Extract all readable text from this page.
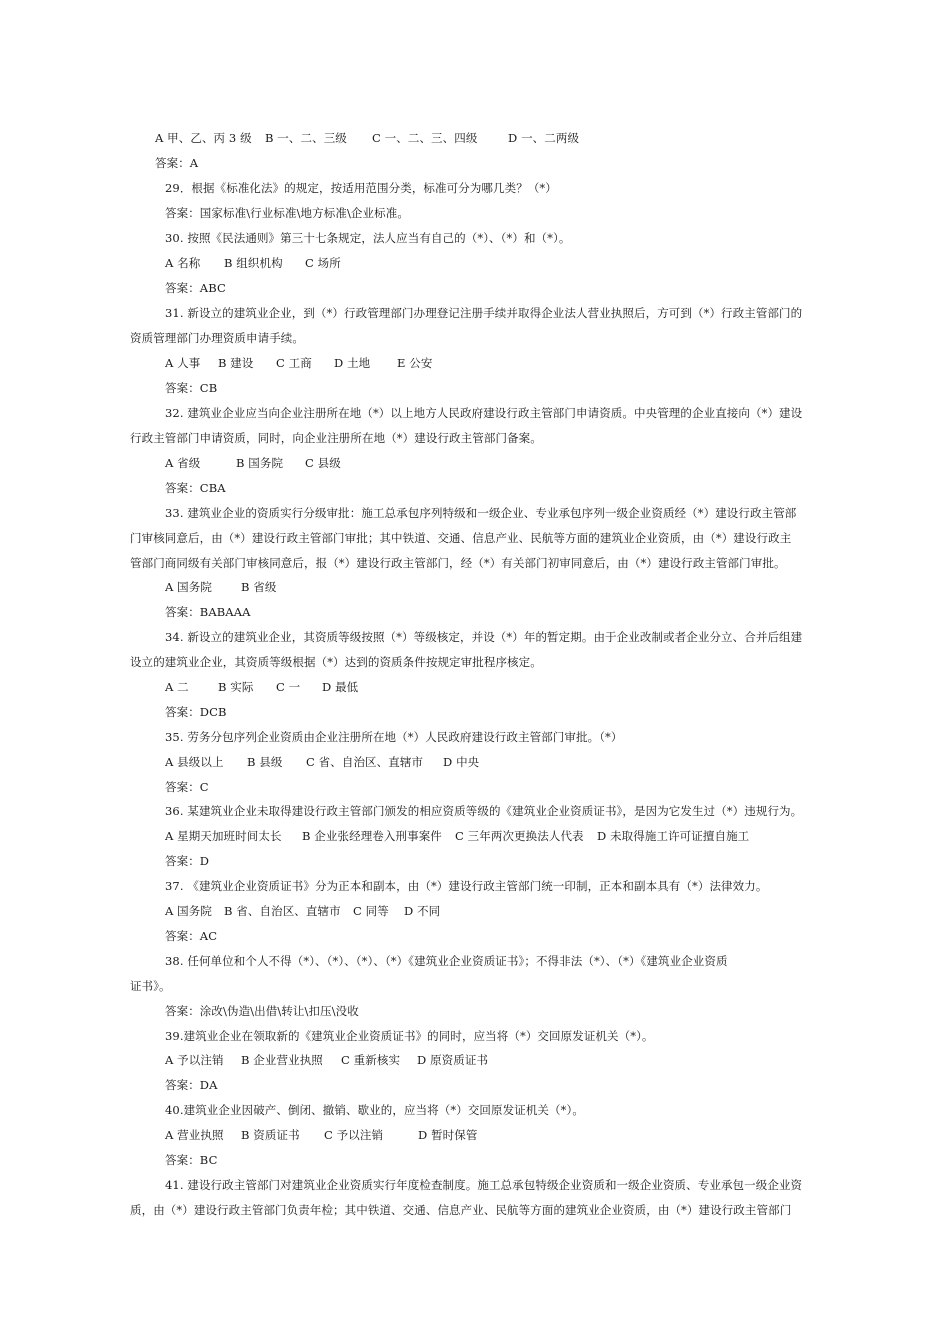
A 甲、乙、丙 3 级 B 一、二、三级 C 一、二、三、四级	D 一、二两级
答案：A
29．根据《标准化法》的规定，按适用范围分类，标准可分为哪几类？（*）
答案：国家标准\行业标准\地方标准\企业标准。
30. 按照《民法通则》第三十七条规定，法人应当有自己的（*）、（*）和（*）。
A 名称 B 组织机构 C 场所
答案：ABC
31. 新设立的建筑业企业，到（*）行政管理部门办理登记注册手续并取得企业法人营业执照后，方可到（*）行政主管部门的
资质管理部门办理资质申请手续。
A 人事 B 建设 C 工商 D 土地 E 公安
答案：CB
32. 建筑业企业应当向企业注册所在地（*）以上地方人民政府建设行政主管部门申请资质。中央管理的企业直接向（*）建设
行政主管部门申请资质，同时，向企业注册所在地（*）建设行政主管部门备案。
A 省级	B 国务院 C 县级
答案：CBA
33. 建筑业企业的资质实行分级审批：施工总承包序列特级和一级企业、专业承包序列一级企业资质经（*）建设行政主管部
门审核同意后，由（*）建设行政主管部门审批；其中铁道、交通、信息产业、民航等方面的建筑业企业资质，由（*）建设行政主
管部门商同级有关部门审核同意后，报（*）建设行政主管部门，经（*）有关部门初审同意后，由（*）建设行政主管部门审批。
A 国务院	B 省级
答案：BABAAA
34. 新设立的建筑业企业，其资质等级按照（*）等级核定，并设（*）年的暂定期。由于企业改制或者企业分立、合并后组建
设立的建筑业企业，其资质等级根据（*）达到的资质条件按规定审批程序核定。
A 二	B 实际 C 一 D 最低
答案：DCB
35. 劳务分包序列企业资质由企业注册所在地（*）人民政府建设行政主管部门审批。（*）
A 县级以上 B 县级 C 省、自治区、直辖市 D 中央
答案：C
36. 某建筑业企业未取得建设行政主管部门颁发的相应资质等级的《建筑业企业资质证书》，是因为它发生过（*）违规行为。
A 星期天加班时间太长 B 企业张经理卷入刑事案件 C 三年两次更换法人代表 D 未取得施工许可证擅自施工
答案：D
37. 《建筑业企业资质证书》分为正本和副本，由（*）建设行政主管部门统一印制，正本和副本具有（*）法律效力。
A 国务院 B 省、自治区、直辖市 C 同等 D 不同
答案：AC
38. 任何单位和个人不得（*）、（*）、（*）、（*）《建筑业企业资质证书》；不得非法（*）、（*）《建筑业企业资质
证书》。
答案：涂改\伪造\出借\转让\扣压\没收
39.建筑业企业在领取新的《建筑业企业资质证书》的同时，应当将（*）交回原发证机关（*）。
A 予以注销 B 企业营业执照 C 重新核实 D 原资质证书
答案：DA
40.建筑业企业因破产、倒闭、撤销、歇业的，应当将（*）交回原发证机关（*）。
A 营业执照 B 资质证书 C 予以注销	D 暂时保管
答案：BC
41. 建设行政主管部门对建筑业企业资质实行年度检查制度。施工总承包特级企业资质和一级企业资质、专业承包一级企业资
质，由（*）建设行政主管部门负责年检；其中铁道、交通、信息产业、民航等方面的建筑业企业资质，由（*）建设行政主管部门
